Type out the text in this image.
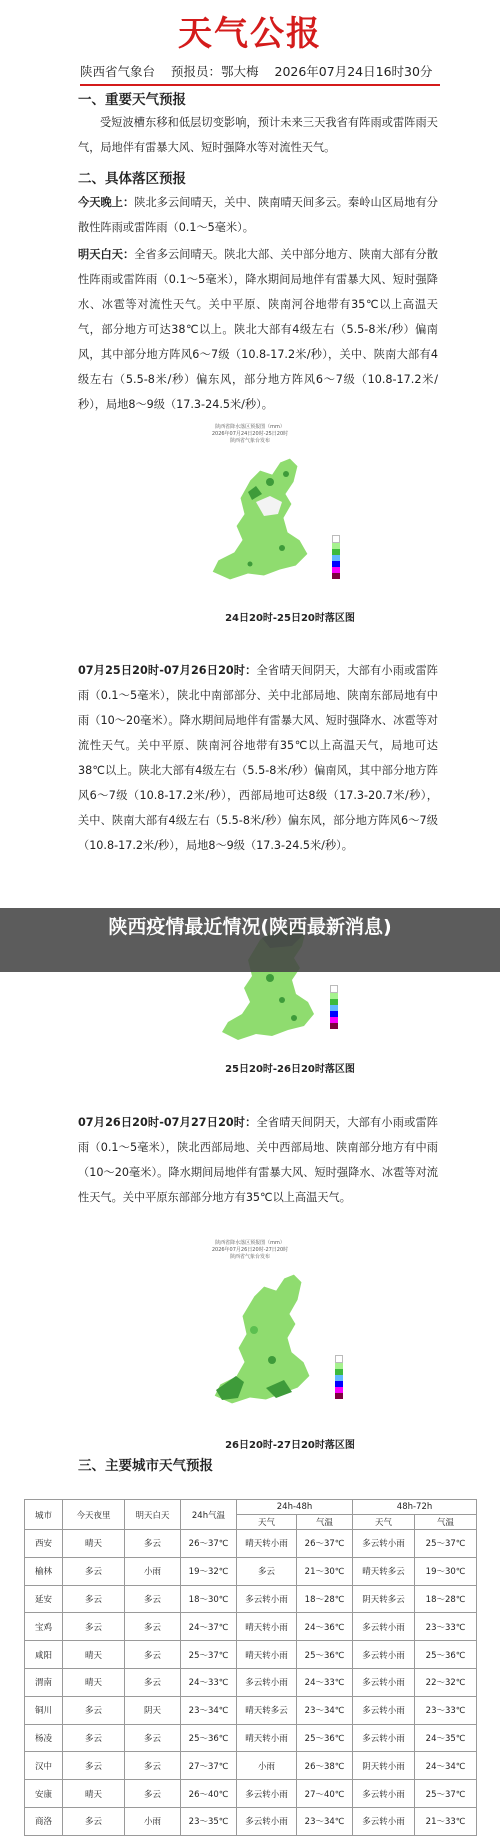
天气公报
陕西省气象台 预报员：鄂大梅 2026年07月24日16时30分
一、重要天气预报
受短波槽东移和低层切变影响，预计未来三天我省有阵雨或雷阵雨天气，局地伴有雷暴大风、短时强降水等对流性天气。
二、具体落区预报
今天晚上：陕北多云间晴天，关中、陕南晴天间多云。秦岭山区局地有分散性阵雨或雷阵雨（0.1～5毫米）。
明天白天：全省多云间晴天。陕北大部、关中部分地方、陕南大部有分散性阵雨或雷阵雨（0.1～5毫米），降水期间局地伴有雷暴大风、短时强降水、冰雹等对流性天气。关中平原、陕南河谷地带有35℃以上高温天气，部分地方可达38℃以上。陕北大部有4级左右（5.5-8米/秒）偏南风，其中部分地方阵风6～7级（10.8-17.2米/秒），关中、陕南大部有4级左右（5.5-8米/秒）偏东风，部分地方阵风6～7级（10.8-17.2米/秒），局地8～9级（17.3-24.5米/秒）。
陕西省降水落区预报图（mm）
2026年07月24日20时-25日20时
陕西省气象台发布
24日20时-25日20时落区图
07月25日20时-07月26日20时：全省晴天间阴天，大部有小雨或雷阵雨（0.1～5毫米），陕北中南部部分、关中北部局地、陕南东部局地有中雨（10～20毫米）。降水期间局地伴有雷暴大风、短时强降水、冰雹等对流性天气。关中平原、陕南河谷地带有35℃以上高温天气，局地可达38℃以上。陕北大部有4级左右（5.5-8米/秒）偏南风，其中部分地方阵风6～7级（10.8-17.2米/秒），西部局地可达8级（17.3-20.7米/秒），关中、陕南大部有4级左右（5.5-8米/秒）偏东风，部分地方阵风6～7级（10.8-17.2米/秒），局地8～9级（17.3-24.5米/秒）。
25日20时-26日20时落区图
07月26日20时-07月27日20时：全省晴天间阴天，大部有小雨或雷阵雨（0.1～5毫米），陕北西部局地、关中西部局地、陕南部分地方有中雨（10～20毫米）。降水期间局地伴有雷暴大风、短时强降水、冰雹等对流性天气。关中平原东部部分地方有35℃以上高温天气。
陕西省降水落区预报图（mm）
2026年07月26日20时-27日20时
陕西省气象台发布
26日20时-27日20时落区图
三、主要城市天气预报
城市	今天夜里	明天白天	24h气温	24h-48h		48h-72h	
				天气	气温	天气	气温
西安	晴天	多云	26～37℃	晴天转小雨	26～37℃	多云转小雨	25～37℃
榆林	多云	小雨	19～32℃	多云	21～30℃	晴天转多云	19～30℃
延安	多云	多云	18～30℃	多云转小雨	18～28℃	阴天转多云	18～28℃
宝鸡	多云	多云	24～37℃	晴天转小雨	24～36℃	多云转小雨	23～33℃
咸阳	晴天	多云	25～37℃	晴天转小雨	25～36℃	多云转小雨	25～36℃
渭南	晴天	多云	24～33℃	多云转小雨	24～33℃	多云转小雨	22～32℃
铜川	多云	阴天	23～34℃	晴天转多云	23～34℃	多云转小雨	23～33℃
杨凌	多云	多云	25～36℃	晴天转小雨	25～36℃	多云转小雨	24～35℃
汉中	多云	多云	27～37℃	小雨	26～38℃	阴天转小雨	24～34℃
安康	晴天	多云	26～40℃	多云转小雨	27～40℃	多云转小雨	25～37℃
商洛	多云	小雨	23～35℃	多云转小雨	23～34℃	多云转小雨	21～33℃
陕西疫情最近情况(陕西最新消息)
